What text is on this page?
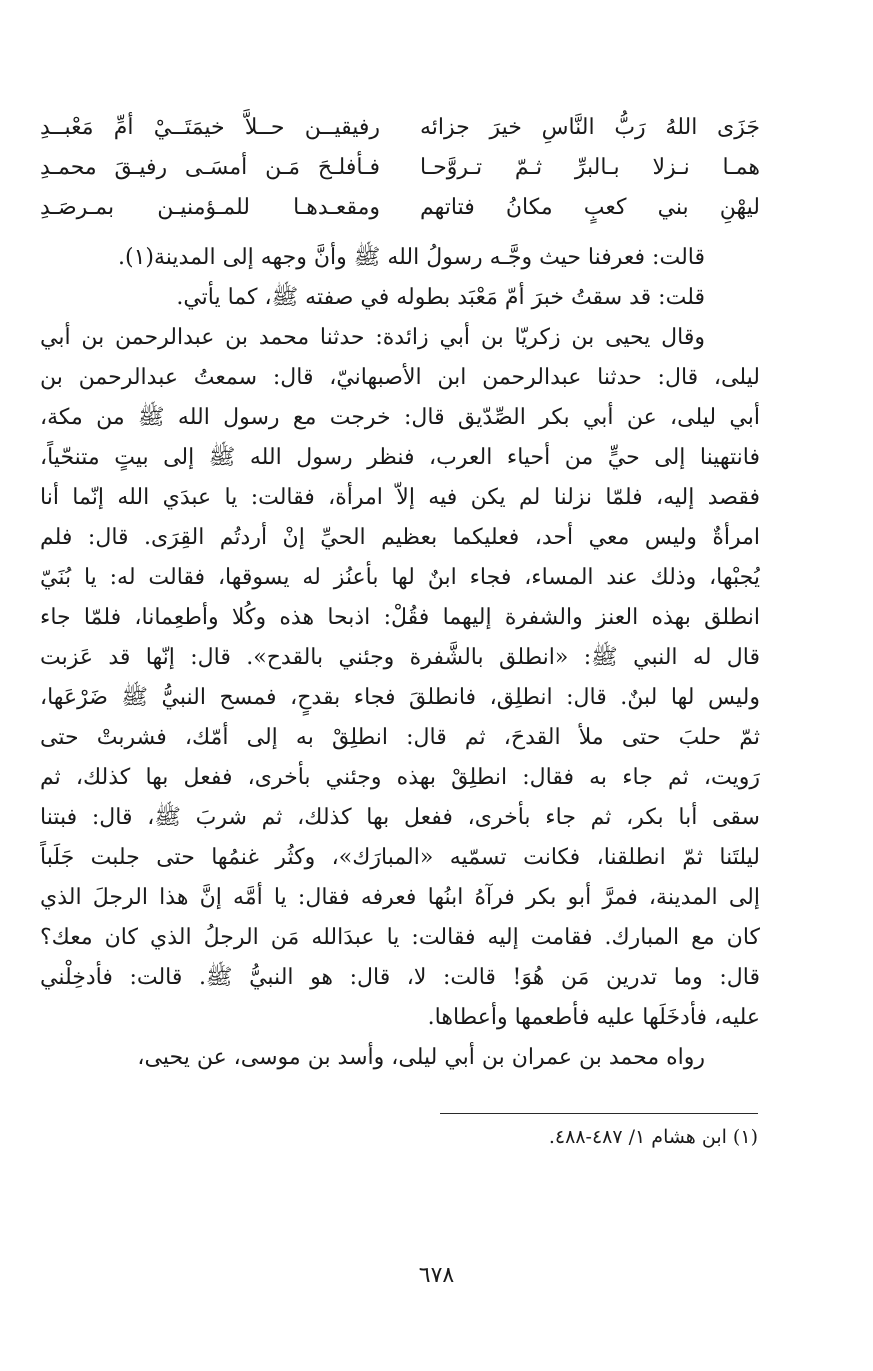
جَزَى اللهُ رَبُّ النَّاسِ خيرَ جزائه
رفيقيــن حــلاَّ خيمَتَــيْ أمِّ مَعْبــدِ
همـا نـزلا بـالبرِّ ثـمّ تـروَّحـا
فـأفلـحَ مَـن أمسَـى رفيـقَ محمـدِ
ليهْنِ بني كعبٍ مكانُ فتاتهم
ومقعـدهـا للمـؤمنيـن بمـرصَـدِ
قالت: فعرفنا حيث وجَّـه رسولُ الله ﷺ وأنَّ وجهه إلى المدينة(١).
قلت: قد سقتُ خبرَ أمّ مَعْبَد بطوله في صفته ﷺ، كما يأتي.
وقال يحيى بن زكريّا بن أبي زائدة: حدثنا محمد بن عبدالرحمن بن أبي
ليلى، قال: حدثنا عبدالرحمن ابن الأصبهانيّ، قال: سمعتُ عبدالرحمن بن
أبي ليلى، عن أبي بكر الصِّدّيق قال: خرجت مع رسول الله ﷺ من مكة،
فانتهينا إلى حيٍّ من أحياء العرب، فنظر رسول الله ﷺ إلى بيتٍ متنحّياً،
فقصد إليه، فلمّا نزلنا لم يكن فيه إلاّ امرأة، فقالت: يا عبدَي الله إنّما أنا
امرأةٌ وليس معي أحد، فعليكما بعظيم الحيِّ إنْ أردتُم القِرَى. قال: فلم
يُجبْها، وذلك عند المساء، فجاء ابنٌ لها بأعنُز له يسوقها، فقالت له: يا بُنَيّ
انطلق بهذه العنز والشفرة إليهما فقُلْ: اذبحا هذه وكُلا وأطعِمانا، فلمّا جاء
قال له النبي ﷺ: «انطلق بالشَّفرة وجئني بالقدح». قال: إنّها قد عَزبت
وليس لها لبنٌ. قال: انطلِق، فانطلقَ فجاء بقدحٍ، فمسح النبيُّ ﷺ ضَرْعَها،
ثمّ حلبَ حتى ملأ القدحَ، ثم قال: انطلِقْ به إلى أمّك، فشربتْ حتى
رَويت، ثم جاء به فقال: انطلِقْ بهذه وجئني بأخرى، ففعل بها كذلك، ثم
سقى أبا بكر، ثم جاء بأخرى، ففعل بها كذلك، ثم شربَ ﷺ، قال: فبتنا
ليلتَنا ثمّ انطلقنا، فكانت تسمّيه «المبارَك»، وكثُر غنمُها حتى جلبت جَلَباً
إلى المدينة، فمرَّ أبو بكر فرآهُ ابنُها فعرفه فقال: يا أمَّه إنَّ هذا الرجلَ الذي
كان مع المبارك. فقامت إليه فقالت: يا عبدَالله مَن الرجلُ الذي كان معك؟
قال: وما تدرين مَن هُوَ! قالت: لا، قال: هو النبيُّ ﷺ. قالت: فأدخِلْني
عليه، فأدخَلَها عليه فأطعمها وأعطاها.
رواه محمد بن عمران بن أبي ليلى، وأسد بن موسى، عن يحيى،
(١) ابن هشام ١/ ٤٨٧-٤٨٨.
٦٧٨
